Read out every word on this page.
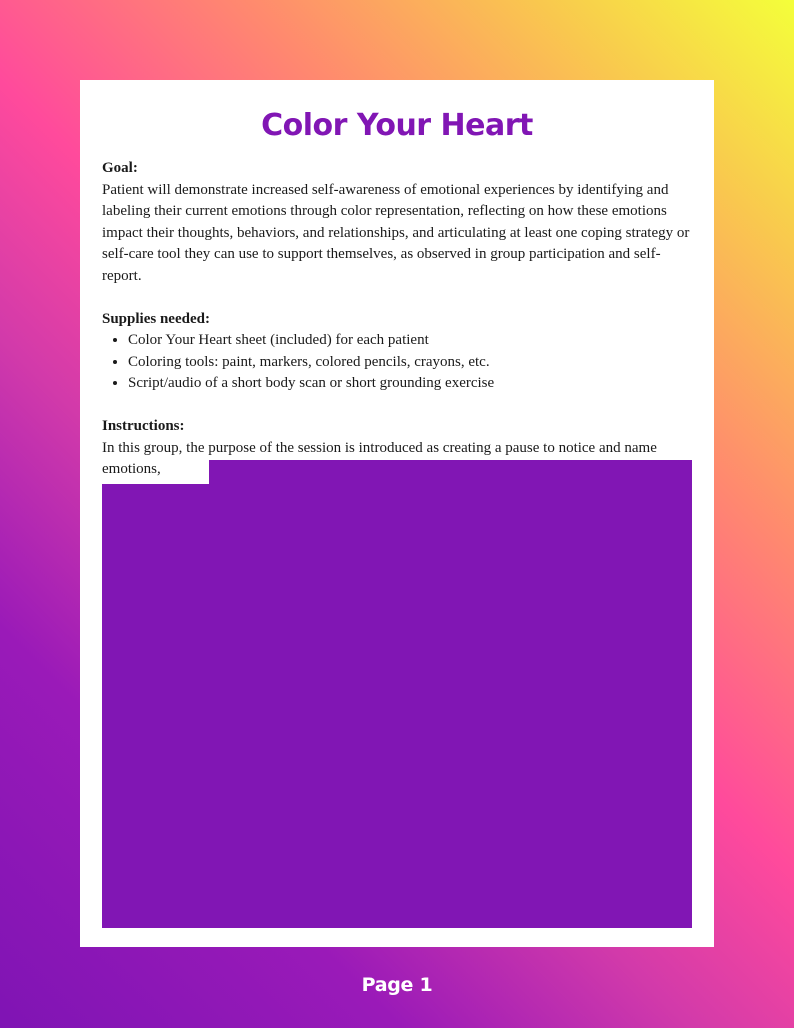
Color Your Heart

Goal:

Patient will demonstrate increased self-awareness of emotional experiences by identifying and labeling their current emotions through color representation, reflecting on how these emotions impact their thoughts, behaviors, and relationships, and articulating at least one coping strategy or self-care tool they can use to support themselves, as observed in group participation and self-report.

Supplies needed:

• Color Your Heart sheet (included) for each patient
• Coloring tools: paint, markers, colored pencils, crayons, etc.
• Script/audio of a short body scan or short grounding exercise

Instructions:

In this group, the purpose of the session is introduced as creating a pause to notice and name emotions,

Page 1
